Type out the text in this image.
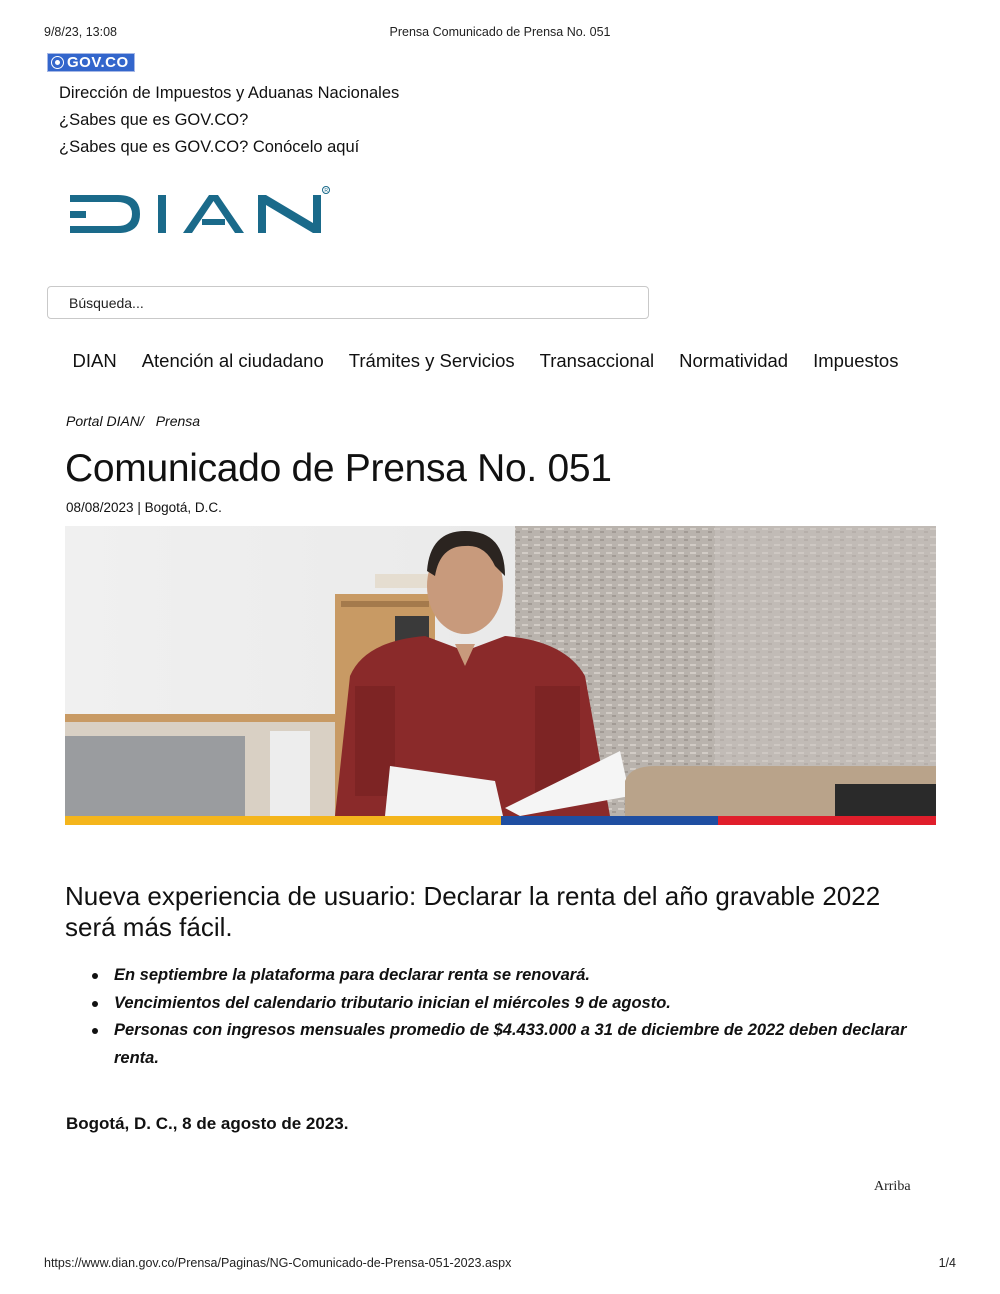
9/8/23, 13:08	Prensa Comunicado de Prensa No. 051
GOV.CO
Dirección de Impuestos y Aduanas Nacionales
¿Sabes que es GOV.CO?
¿Sabes que es GOV.CO? Conócelo aquí
R
Búsqueda...
DIAN	Atención al ciudadano	Trámites y Servicios	Transaccional	Normatividad	Impuestos
Portal DIAN/ Prensa
Comunicado de Prensa No. 051
08/08/2023 | Bogotá, D.C.
Nueva experiencia de usuario: Declarar la renta del año gravable 2022 será más fácil.
En septiembre la plataforma para declarar renta se renovará.
Vencimientos del calendario tributario inician el miércoles 9 de agosto.
Personas con ingresos mensuales promedio de $4.433.000 a 31 de diciembre de 2022 deben declarar renta.
Bogotá, D. C., 8 de agosto de 2023.
Arriba
https://www.dian.gov.co/Prensa/Paginas/NG-Comunicado-de-Prensa-051-2023.aspx	1/4
